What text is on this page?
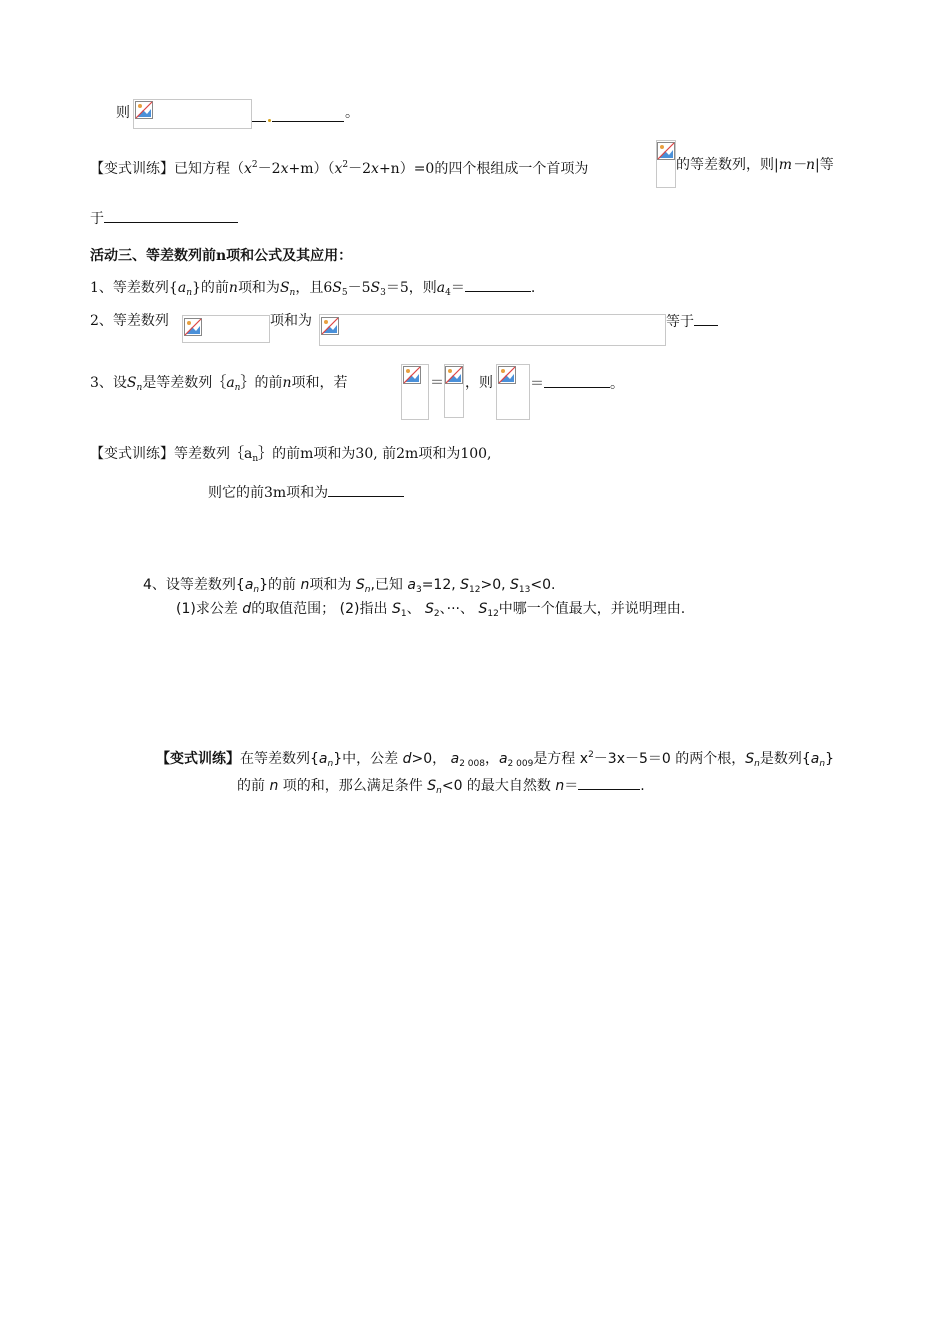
则	。
【变式训练】已知方程$(x^2-2x+m)(x^2-2x+n)=0$的四个根组成一个首项为	的等差数列，则|m－n|等
于
活动三、等差数列前n项和公式及其应用：
1、等差数列$\{a_n\}$的前n项和为$S_n$，且$6S_5-5S_3=5$，则$a_4=$	.
2、等差数列	项和为	等于
3、设$S_n$是等差数列$\{a_n\}$的前n项和，若	＝ ，则	＝	。
【变式训练】等差数列$\{a_n\}$的前m项和为30, 前2m项和为100,
则它的前3m项和为
4、设等差数列$\{a_n\}$的前 n项和为 $S_n$,已知 $a_3=12$, $S_{12}>0$, $S_{13}<0$.
(1)求公差 d的取值范围； (2)指出 $S_1$、 $S_2$、···、 $S_{12}$中哪一个值最大，并说明理由.
【变式训练】在等差数列$\{a_n\}$中，公差 d>0， $a_{2 008}$，$a_{2 009}$是方程 $x^2-3x-5=0$ 的两个根，$S_n$是数列$\{a_n\}$
的前 n 项的和，那么满足条件 $S_n<0$ 的最大自然数 n＝	.
